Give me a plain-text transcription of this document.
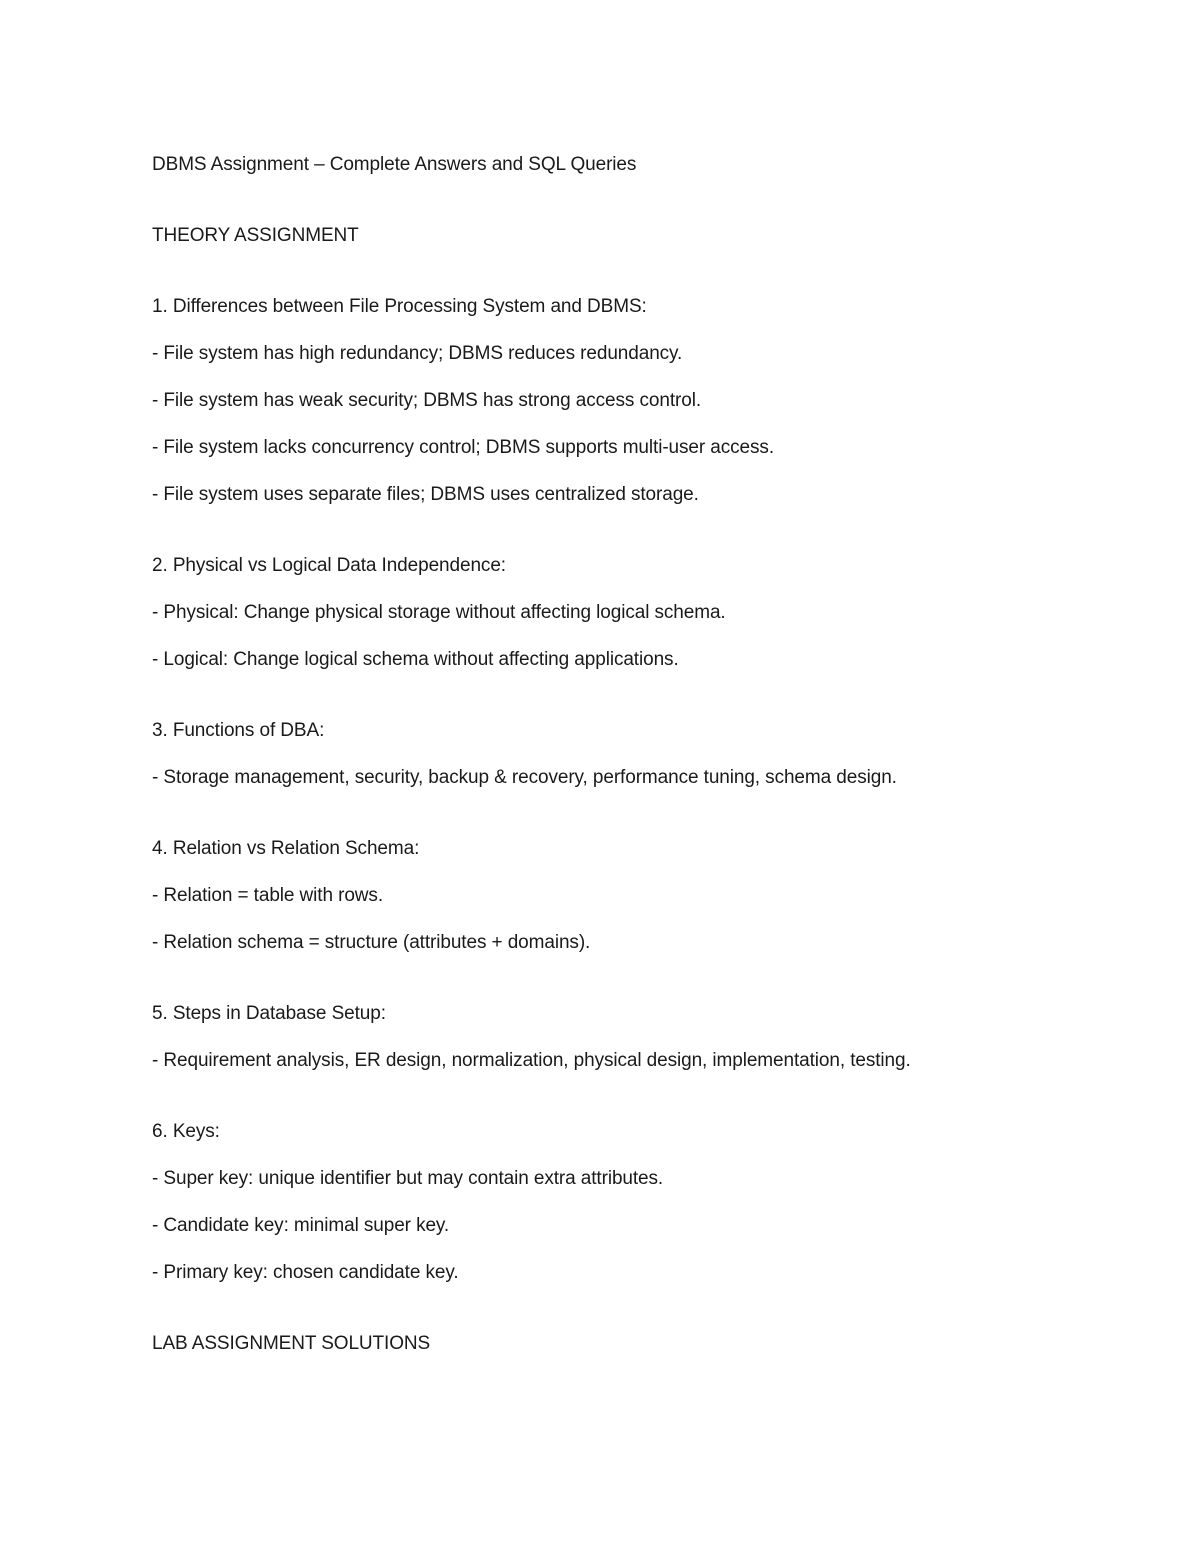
DBMS Assignment – Complete Answers and SQL Queries
THEORY ASSIGNMENT
1. Differences between File Processing System and DBMS:
- File system has high redundancy; DBMS reduces redundancy.
- File system has weak security; DBMS has strong access control.
- File system lacks concurrency control; DBMS supports multi-user access.
- File system uses separate files; DBMS uses centralized storage.
2. Physical vs Logical Data Independence:
- Physical: Change physical storage without affecting logical schema.
- Logical: Change logical schema without affecting applications.
3. Functions of DBA:
- Storage management, security, backup & recovery, performance tuning, schema design.
4. Relation vs Relation Schema:
- Relation = table with rows.
- Relation schema = structure (attributes + domains).
5. Steps in Database Setup:
- Requirement analysis, ER design, normalization, physical design, implementation, testing.
6. Keys:
- Super key: unique identifier but may contain extra attributes.
- Candidate key: minimal super key.
- Primary key: chosen candidate key.
LAB ASSIGNMENT SOLUTIONS
